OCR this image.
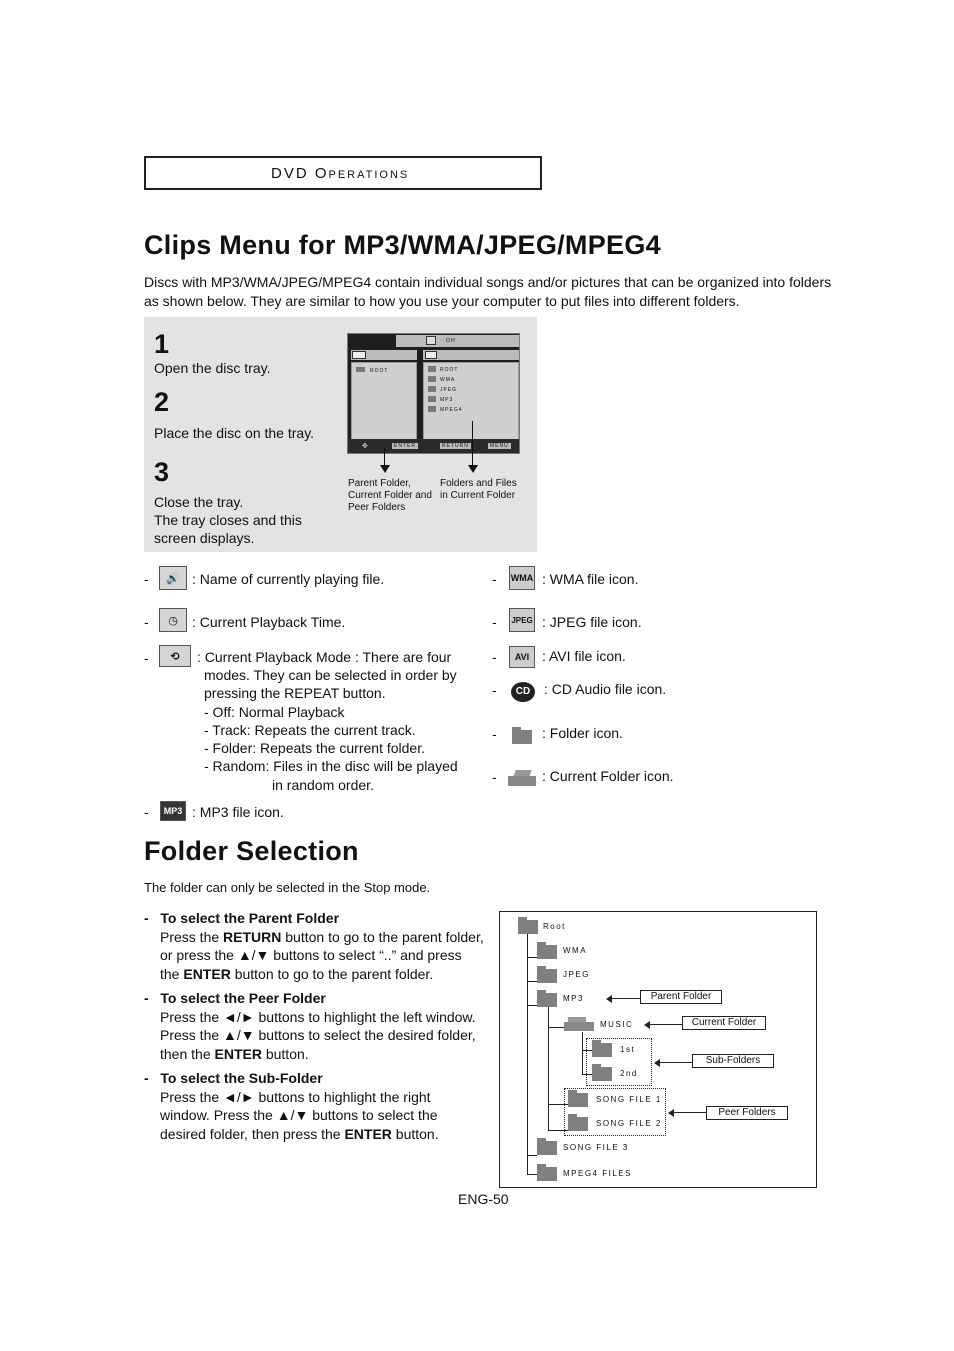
DVD Operations
Clips Menu for MP3/WMA/JPEG/MPEG4
Discs with MP3/WMA/JPEG/MPEG4 contain individual songs and/or pictures that can be organized into folders as shown below. They are similar to how you use your computer to put files into different folders.
1
Open the disc tray.
2
Place the disc on the tray.
3
Close the tray.
The tray closes and this
screen displays.
Off
ROOT	ROOT
WMA
JPEG
MP3
MPEG4
✥	ENTER	RETURN	MENU
Parent Folder,
Current Folder and
Peer Folders
Folders and Files
in Current Folder
-	🔊 : Name of currently playing file.
-	◷	: Current Playback Time.
-	⟲	: Current Playback Mode : There are four
modes. They can be selected in order by
pressing the REPEAT button.
- Off: Normal Playback
- Track: Repeats the current track.
- Folder: Repeats the current folder.
- Random: Files in the disc will be played
in random order.
-	MP3 : MP3 file icon.
- WMA : WMA file icon.
- JPEG : JPEG file icon.
-	AVI : AVI file icon.
-	CD : CD Audio file icon.
-	: Folder icon.
-	: Current Folder icon.
Folder Selection
The folder can only be selected in the Stop mode.
-   To select the Parent Folder
Press the RETURN button to go to the parent folder, or press the ▲/▼ buttons to select “..” and press the ENTER button to go to the parent folder.
-   To select the Peer Folder
Press the ◄/► buttons to highlight the left window. Press the ▲/▼ buttons to select the desired folder, then the ENTER button.
-   To select the Sub-Folder
Press the ◄/► buttons to highlight the right window. Press the ▲/▼ buttons to select the desired folder, then press the ENTER button.
Root
WMA
JPEG
MP3
MUSIC
1st
2nd
SONG FILE 1
SONG FILE 2
SONG FILE 3
MPEG4 FILES
Parent Folder
Current Folder
Sub-Folders
Peer Folders
ENG-50
